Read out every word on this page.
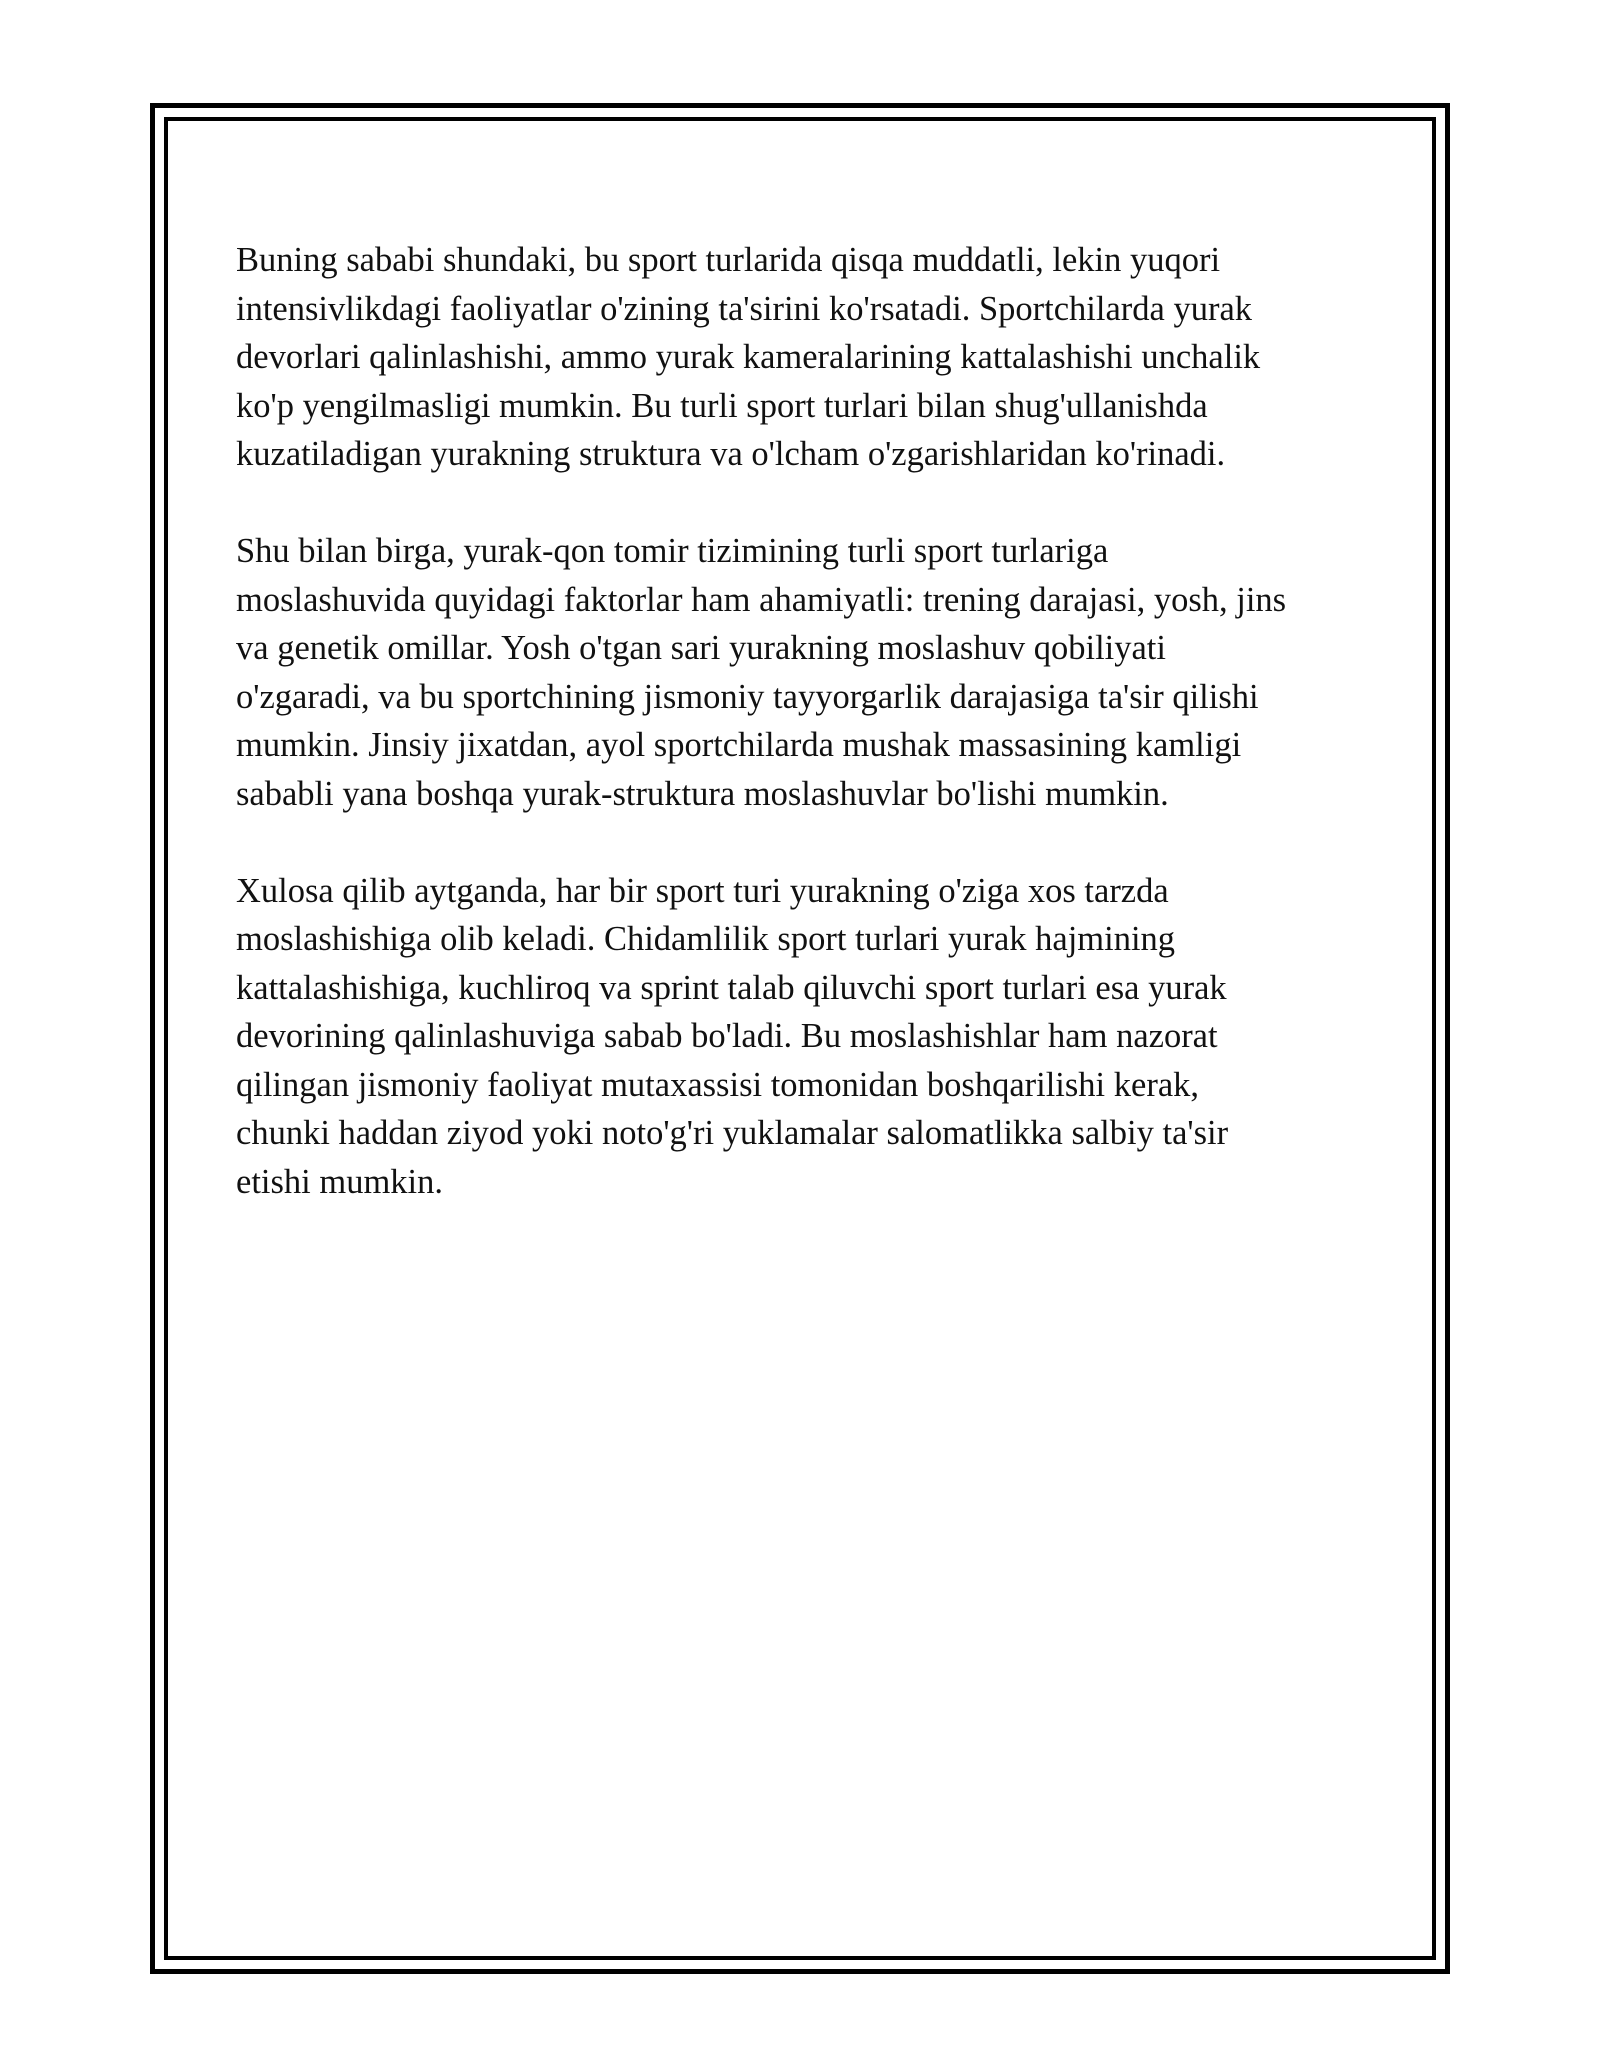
Buning sababi shundaki, bu sport turlarida qisqa muddatli, lekin yuqori
intensivlikdagi faoliyatlar o'zining ta'sirini ko'rsatadi. Sportchilarda yurak
devorlari qalinlashishi, ammo yurak kameralarining kattalashishi unchalik
ko'p yengilmasligi mumkin. Bu turli sport turlari bilan shug'ullanishda
kuzatiladigan yurakning struktura va o'lcham o'zgarishlaridan ko'rinadi.

Shu bilan birga, yurak-qon tomir tizimining turli sport turlariga
moslashuvida quyidagi faktorlar ham ahamiyatli: trening darajasi, yosh, jins
va genetik omillar. Yosh o'tgan sari yurakning moslashuv qobiliyati
o'zgaradi, va bu sportchining jismoniy tayyorgarlik darajasiga ta'sir qilishi
mumkin. Jinsiy jixatdan, ayol sportchilarda mushak massasining kamligi
sababli yana boshqa yurak-struktura moslashuvlar bo'lishi mumkin.

Xulosa qilib aytganda, har bir sport turi yurakning o'ziga xos tarzda
moslashishiga olib keladi. Chidamlilik sport turlari yurak hajmining
kattalashishiga, kuchliroq va sprint talab qiluvchi sport turlari esa yurak
devorining qalinlashuviga sabab bo'ladi. Bu moslashishlar ham nazorat
qilingan jismoniy faoliyat mutaxassisi tomonidan boshqarilishi kerak,
chunki haddan ziyod yoki noto'g'ri yuklamalar salomatlikka salbiy ta'sir
etishi mumkin.
